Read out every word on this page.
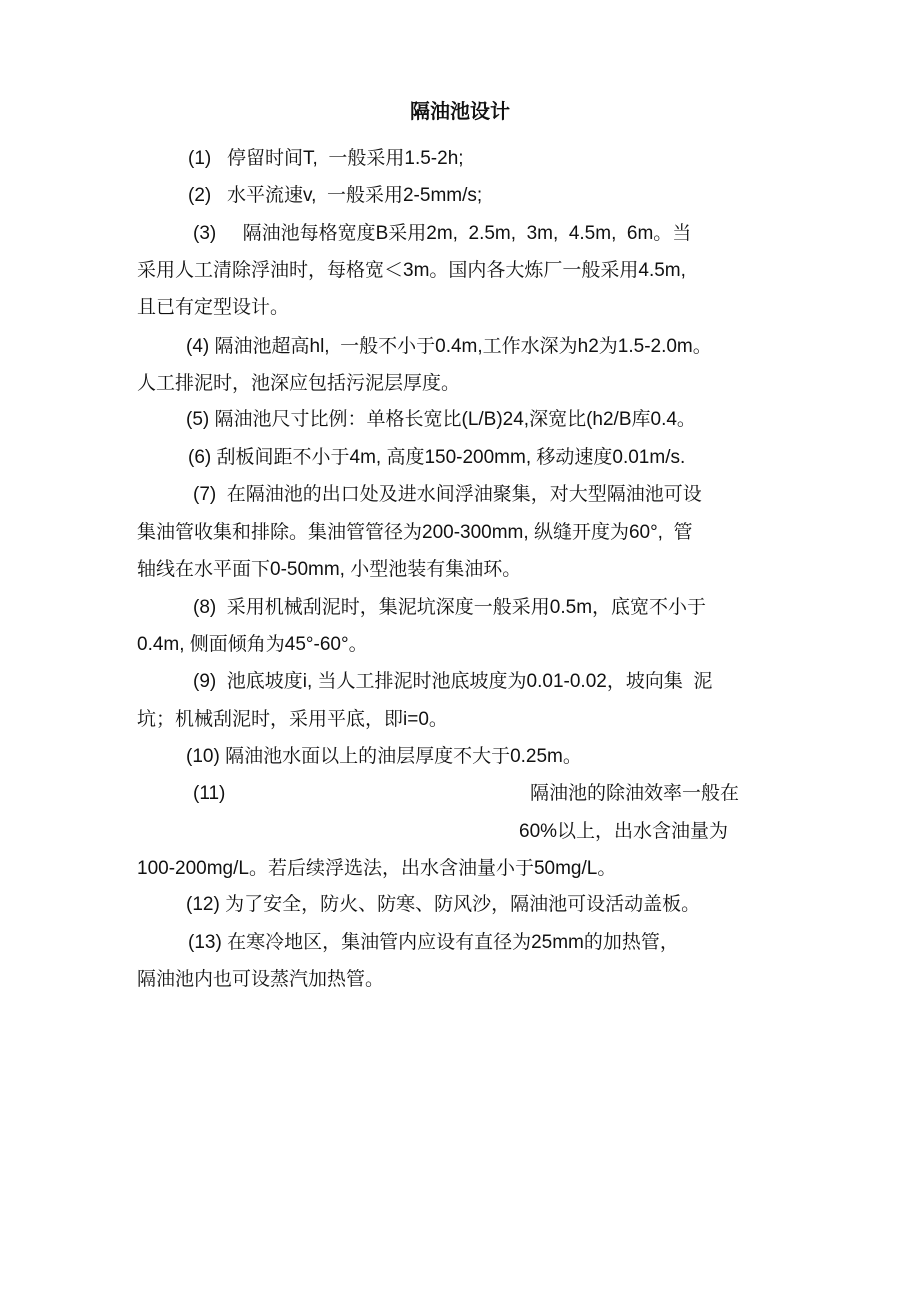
隔油池设计
(1)   停留时间T,  一般采用1.5-2h;
(2)   水平流速v,  一般采用2-5mm/s;
(3)     隔油池每格宽度B采用2m,  2.5m,  3m,  4.5m,  6m。当
采用人工清除浮油时，每格宽＜3m。国内各大炼厂一般采用4.5m,
且已有定型设计。
(4) 隔油池超高hl,  一般不小于0.4m,工作水深为h2为1.5-2.0m。
人工排泥时，池深应包括污泥层厚度。
(5) 隔油池尺寸比例：单格长宽比(L/B)24,深宽比(h2/B库0.4。
(6) 刮板间距不小于4m, 高度150-200mm, 移动速度0.01m/s.
(7)  在隔油池的出口处及进水间浮油聚集，对大型隔油池可设
集油管收集和排除。集油管管径为200-300mm, 纵缝开度为60°,  管
轴线在水平面下0-50mm, 小型池装有集油环。
(8)  采用机械刮泥时，集泥坑深度一般采用0.5m，底宽不小于
0.4m, 侧面倾角为45°-60°。
(9)  池底坡度i, 当人工排泥时池底坡度为0.01-0.02，坡向集  泥
坑；机械刮泥时，采用平底，即i=0。
(10) 隔油池水面以上的油层厚度不大于0.25m。
(11)	隔油池的除油效率一般在
60%以上，出水含油量为
100-200mg/L。若后续浮选法，出水含油量小于50mg/L。
(12) 为了安全，防火、防寒、防风沙，隔油池可设活动盖板。
(13) 在寒冷地区，集油管内应设有直径为25mm的加热管，
隔油池内也可设蒸汽加热管。
